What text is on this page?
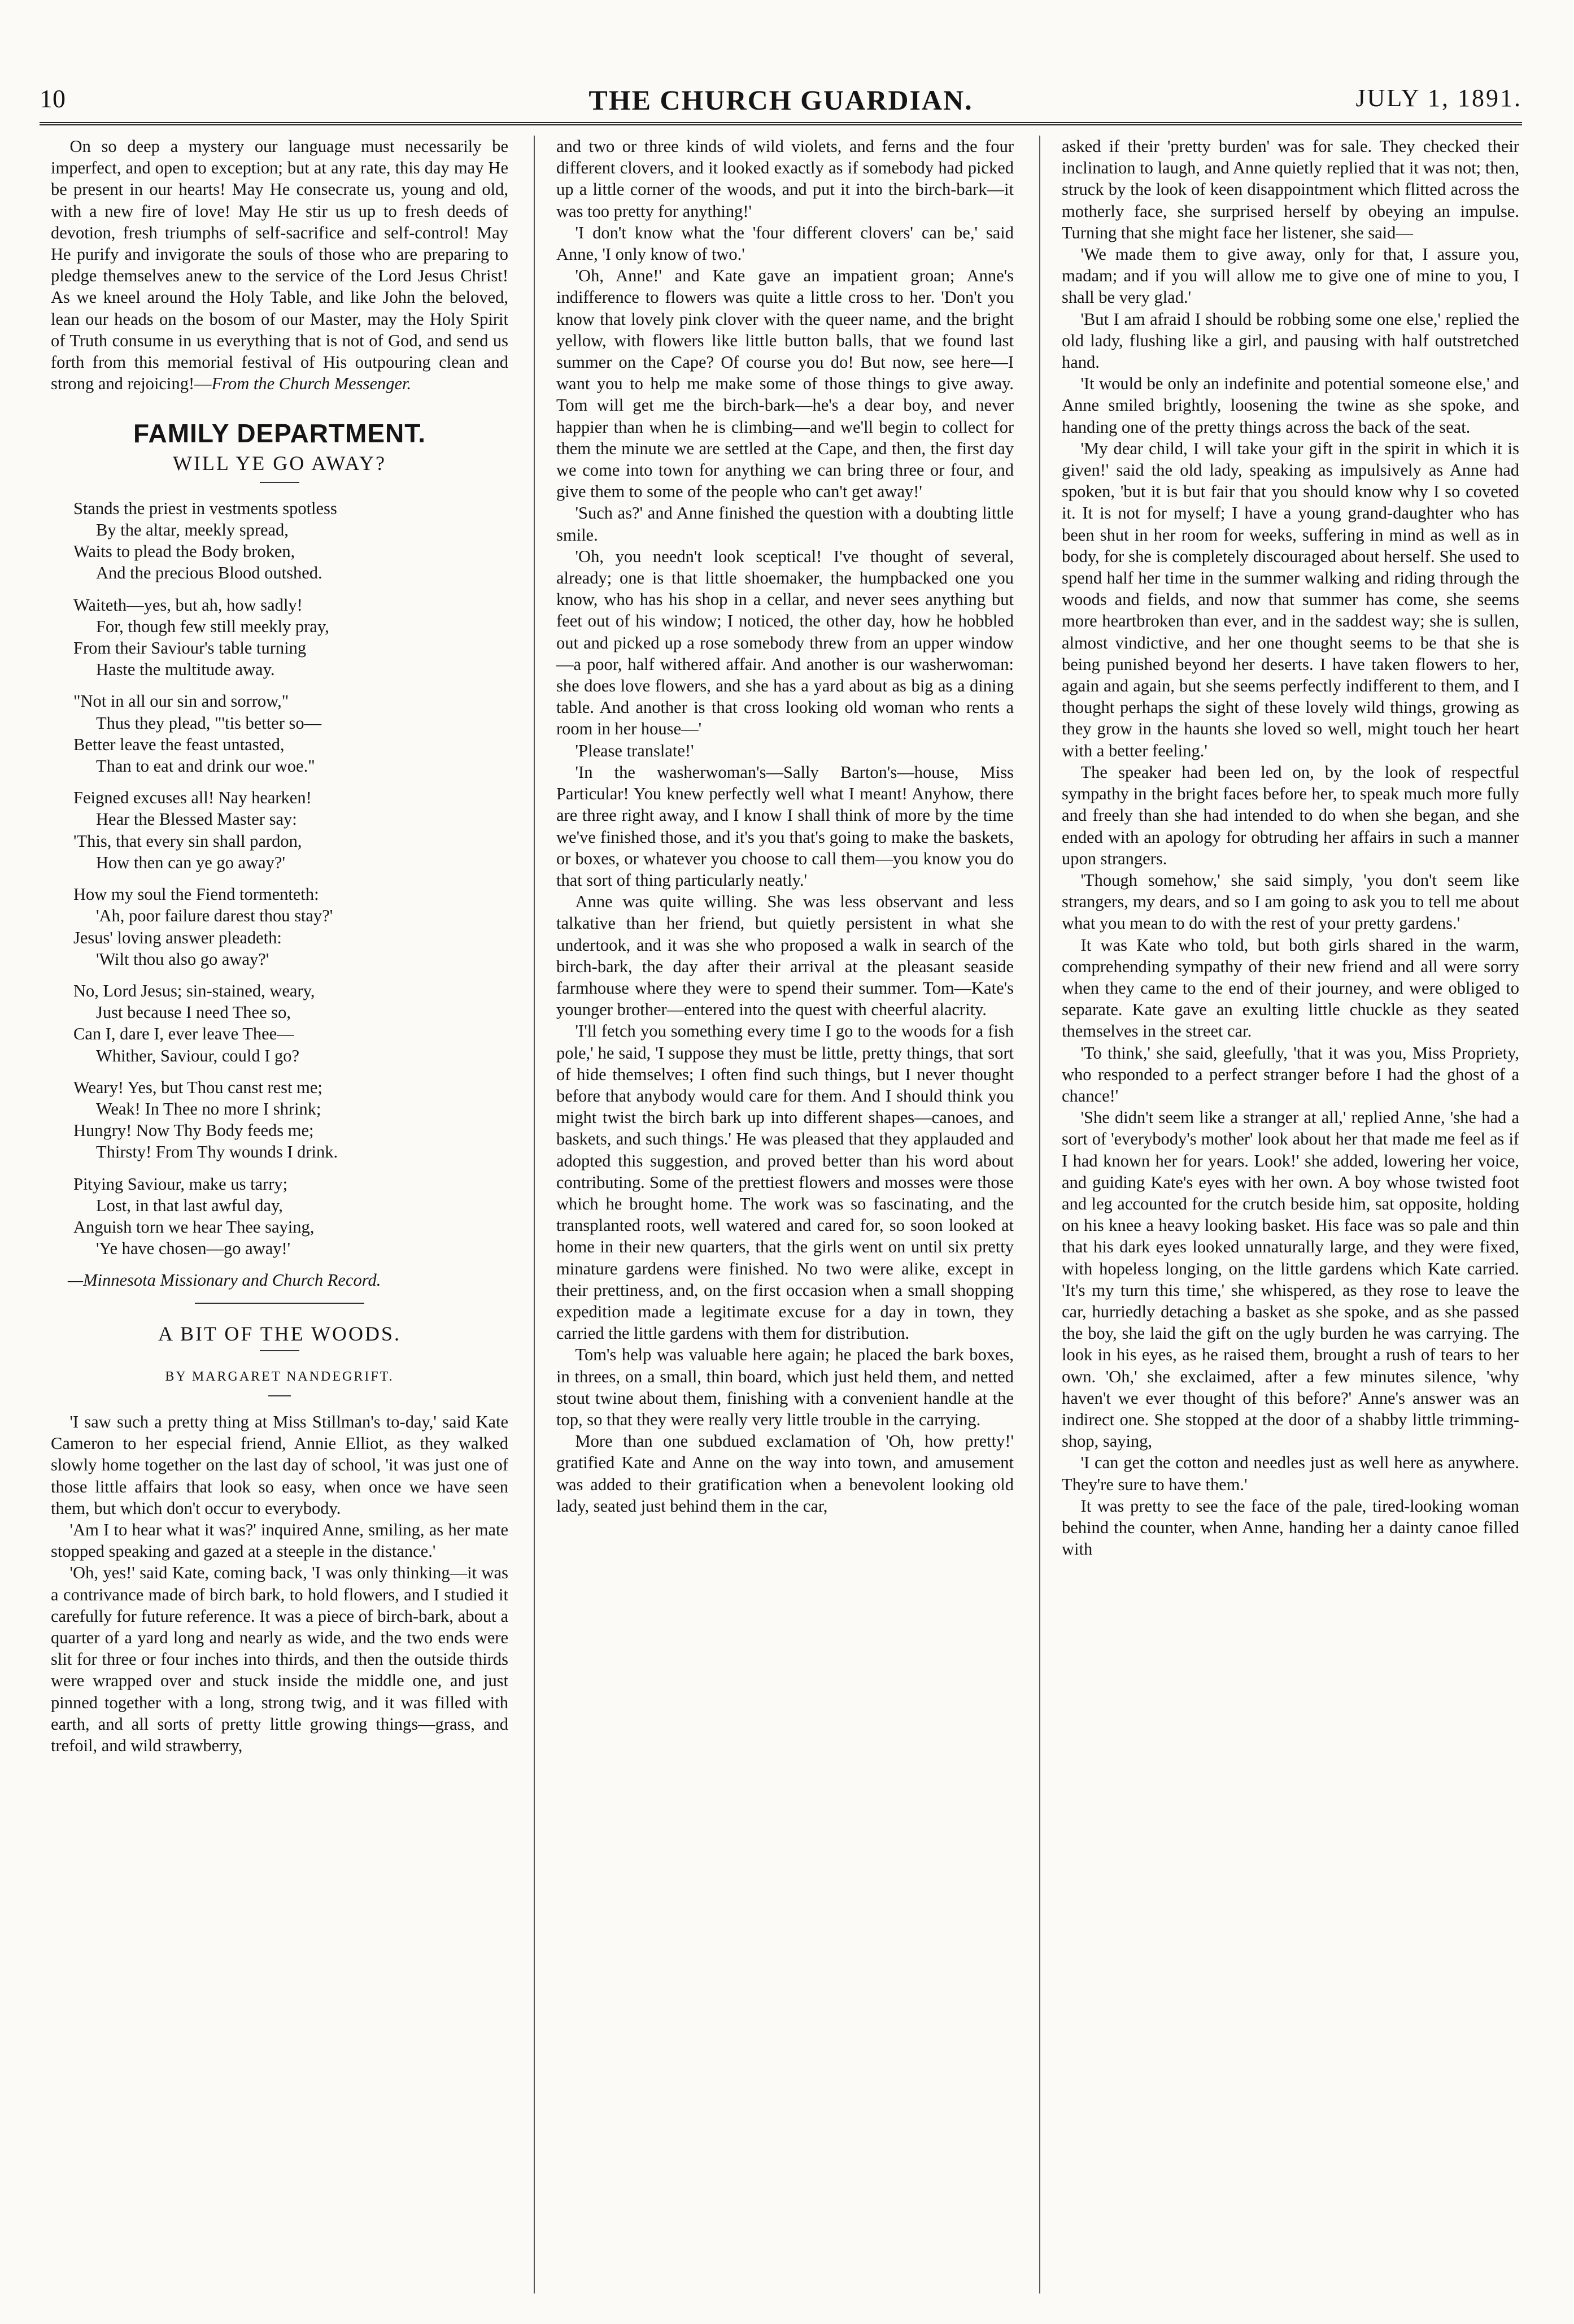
10	THE CHURCH GUARDIAN.	JULY 1, 1891.

On so deep a mystery our language must necessarily be imperfect, and open to exception; but at any rate, this day may He be present in our hearts! May He consecrate us, young and old, with a new fire of love! May He stir us up to fresh deeds of devotion, fresh triumphs of self-sacrifice and self-control! May He purify and invigorate the souls of those who are preparing to pledge themselves anew to the service of the Lord Jesus Christ! As we kneel around the Holy Table, and like John the beloved, lean our heads on the bosom of our Master, may the Holy Spirit of Truth consume in us everything that is not of God, and send us forth from this memorial festival of His outpouring clean and strong and rejoicing!—From the Church Messenger.

FAMILY DEPARTMENT.
WILL YE GO AWAY?
Stands the priest in vestments spotless
By the altar, meekly spread,
Waits to plead the Body broken,
And the precious Blood outshed.
Waiteth—yes, but ah, how sadly!
For, though few still meekly pray,
From their Saviour's table turning
Haste the multitude away.
"Not in all our sin and sorrow,"
Thus they plead, "'tis better so—
Better leave the feast untasted,
Than to eat and drink our woe."
Feigned excuses all! Nay hearken!
Hear the Blessed Master say:
'This, that every sin shall pardon,
How then can ye go away?'
How my soul the Fiend tormenteth:
'Ah, poor failure darest thou stay?'
Jesus' loving answer pleadeth:
'Wilt thou also go away?'
No, Lord Jesus; sin-stained, weary,
Just because I need Thee so,
Can I, dare I, ever leave Thee—
Whither, Saviour, could I go?
Weary! Yes, but Thou canst rest me;
Weak! In Thee no more I shrink;
Hungry! Now Thy Body feeds me;
Thirsty! From Thy wounds I drink.
Pitying Saviour, make us tarry;
Lost, in that last awful day,
Anguish torn we hear Thee saying,
'Ye have chosen—go away!'
—Minnesota Missionary and Church Record.
A BIT OF THE WOODS.
BY MARGARET NANDEGRIFT.

'I saw such a pretty thing at Miss Stillman's to-day,' said Kate Cameron to her especial friend, Annie Elliot, as they walked slowly home together on the last day of school, 'it was just one of those little affairs that look so easy, when once we have seen them, but which don't occur to everybody.

'Am I to hear what it was?' inquired Anne, smiling, as her mate stopped speaking and gazed at a steeple in the distance.'

'Oh, yes!' said Kate, coming back, 'I was only thinking—it was a contrivance made of birch bark, to hold flowers, and I studied it carefully for future reference. It was a piece of birch-bark, about a quarter of a yard long and nearly as wide, and the two ends were slit for three or four inches into thirds, and then the outside thirds were wrapped over and stuck inside the middle one, and just pinned together with a long, strong twig, and it was filled with earth, and all sorts of pretty little growing things—grass, and trefoil, and wild strawberry,

and two or three kinds of wild violets, and ferns and the four different clovers, and it looked exactly as if somebody had picked up a little corner of the woods, and put it into the birch-bark—it was too pretty for anything!'

'I don't know what the 'four different clovers' can be,' said Anne, 'I only know of two.'

'Oh, Anne!' and Kate gave an impatient groan; Anne's indifference to flowers was quite a little cross to her. 'Don't you know that lovely pink clover with the queer name, and the bright yellow, with flowers like little button balls, that we found last summer on the Cape? Of course you do! But now, see here—I want you to help me make some of those things to give away. Tom will get me the birch-bark—he's a dear boy, and never happier than when he is climbing—and we'll begin to collect for them the minute we are settled at the Cape, and then, the first day we come into town for anything we can bring three or four, and give them to some of the people who can't get away!'

'Such as?' and Anne finished the question with a doubting little smile.

'Oh, you needn't look sceptical! I've thought of several, already; one is that little shoemaker, the humpbacked one you know, who has his shop in a cellar, and never sees anything but feet out of his window; I noticed, the other day, how he hobbled out and picked up a rose somebody threw from an upper window—a poor, half withered affair. And another is our washerwoman: she does love flowers, and she has a yard about as big as a dining table. And another is that cross looking old woman who rents a room in her house—'

'Please translate!'

'In the washerwoman's—Sally Barton's—house, Miss Particular! You knew perfectly well what I meant! Anyhow, there are three right away, and I know I shall think of more by the time we've finished those, and it's you that's going to make the baskets, or boxes, or whatever you choose to call them—you know you do that sort of thing particularly neatly.'

Anne was quite willing. She was less observant and less talkative than her friend, but quietly persistent in what she undertook, and it was she who proposed a walk in search of the birch-bark, the day after their arrival at the pleasant seaside farmhouse where they were to spend their summer. Tom—Kate's younger brother—entered into the quest with cheerful alacrity.

'I'll fetch you something every time I go to the woods for a fish pole,' he said, 'I suppose they must be little, pretty things, that sort of hide themselves; I often find such things, but I never thought before that anybody would care for them. And I should think you might twist the birch bark up into different shapes—canoes, and baskets, and such things.' He was pleased that they applauded and adopted this suggestion, and proved better than his word about contributing. Some of the prettiest flowers and mosses were those which he brought home. The work was so fascinating, and the transplanted roots, well watered and cared for, so soon looked at home in their new quarters, that the girls went on until six pretty minature gardens were finished. No two were alike, except in their prettiness, and, on the first occasion when a small shopping expedition made a legitimate excuse for a day in town, they carried the little gardens with them for distribution.

Tom's help was valuable here again; he placed the bark boxes, in threes, on a small, thin board, which just held them, and netted stout twine about them, finishing with a convenient handle at the top, so that they were really very little trouble in the carrying.

More than one subdued exclamation of 'Oh, how pretty!' gratified Kate and Anne on the way into town, and amusement was added to their gratification when a benevolent looking old lady, seated just behind them in the car,

asked if their 'pretty burden' was for sale. They checked their inclination to laugh, and Anne quietly replied that it was not; then, struck by the look of keen disappointment which flitted across the motherly face, she surprised herself by obeying an impulse. Turning that she might face her listener, she said—

'We made them to give away, only for that, I assure you, madam; and if you will allow me to give one of mine to you, I shall be very glad.'

'But I am afraid I should be robbing some one else,' replied the old lady, flushing like a girl, and pausing with half outstretched hand.

'It would be only an indefinite and potential someone else,' and Anne smiled brightly, loosening the twine as she spoke, and handing one of the pretty things across the back of the seat.

'My dear child, I will take your gift in the spirit in which it is given!' said the old lady, speaking as impulsively as Anne had spoken, 'but it is but fair that you should know why I so coveted it. It is not for myself; I have a young grand-daughter who has been shut in her room for weeks, suffering in mind as well as in body, for she is completely discouraged about herself. She used to spend half her time in the summer walking and riding through the woods and fields, and now that summer has come, she seems more heartbroken than ever, and in the saddest way; she is sullen, almost vindictive, and her one thought seems to be that she is being punished beyond her deserts. I have taken flowers to her, again and again, but she seems perfectly indifferent to them, and I thought perhaps the sight of these lovely wild things, growing as they grow in the haunts she loved so well, might touch her heart with a better feeling.'

The speaker had been led on, by the look of respectful sympathy in the bright faces before her, to speak much more fully and freely than she had intended to do when she began, and she ended with an apology for obtruding her affairs in such a manner upon strangers.

'Though somehow,' she said simply, 'you don't seem like strangers, my dears, and so I am going to ask you to tell me about what you mean to do with the rest of your pretty gardens.'

It was Kate who told, but both girls shared in the warm, comprehending sympathy of their new friend and all were sorry when they came to the end of their journey, and were obliged to separate. Kate gave an exulting little chuckle as they seated themselves in the street car.

'To think,' she said, gleefully, 'that it was you, Miss Propriety, who responded to a perfect stranger before I had the ghost of a chance!'

'She didn't seem like a stranger at all,' replied Anne, 'she had a sort of 'everybody's mother' look about her that made me feel as if I had known her for years. Look!' she added, lowering her voice, and guiding Kate's eyes with her own. A boy whose twisted foot and leg accounted for the crutch beside him, sat opposite, holding on his knee a heavy looking basket. His face was so pale and thin that his dark eyes looked unnaturally large, and they were fixed, with hopeless longing, on the little gardens which Kate carried. 'It's my turn this time,' she whispered, as they rose to leave the car, hurriedly detaching a basket as she spoke, and as she passed the boy, she laid the gift on the ugly burden he was carrying. The look in his eyes, as he raised them, brought a rush of tears to her own. 'Oh,' she exclaimed, after a few minutes silence, 'why haven't we ever thought of this before?' Anne's answer was an indirect one. She stopped at the door of a shabby little trimming-shop, saying,

'I can get the cotton and needles just as well here as anywhere. They're sure to have them.'

It was pretty to see the face of the pale, tired-looking woman behind the counter, when Anne, handing her a dainty canoe filled with
